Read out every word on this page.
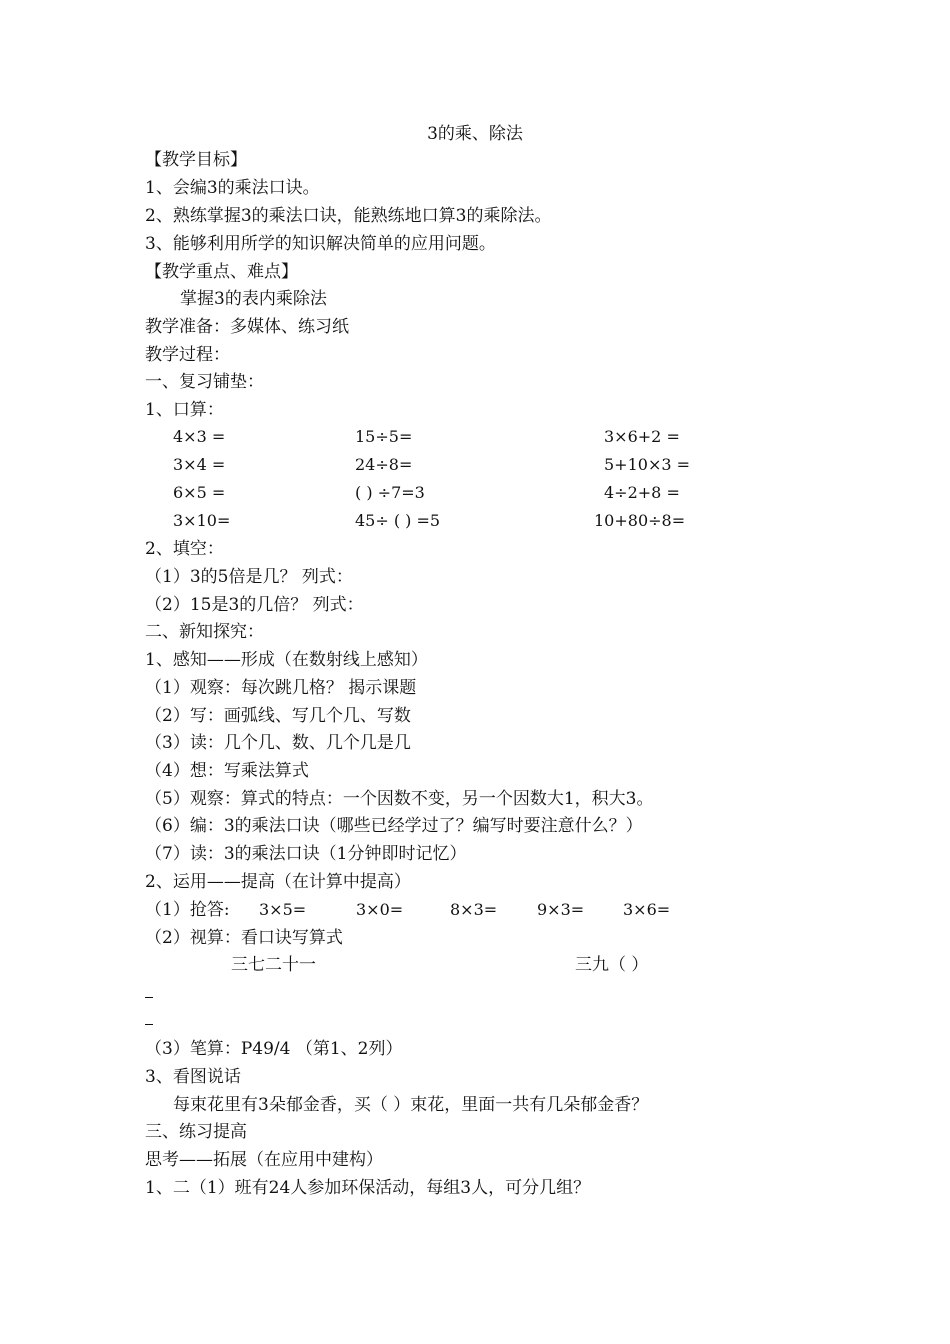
3的乘、除法
【教学目标】
1、会编3的乘法口诀。
2、熟练掌握3的乘法口诀，能熟练地口算3的乘除法。
3、能够利用所学的知识解决简单的应用问题。
【教学重点、难点】
掌握3的表内乘除法
教学准备：多媒体、练习纸
教学过程：
一、复习铺垫：
1、口算：
4×3 =	15÷5=	3×6+2 =
3×4 =	24÷8=	5+10×3 =
6×5 =	( ) ÷7=3	4÷2+8 =
3×10=	45÷ ( ) =5	10+80÷8=
2、填空：
（1）3的5倍是几？ 列式：
（2）15是3的几倍？ 列式：
二、新知探究：
1、感知——形成（在数射线上感知）
（1）观察：每次跳几格？ 揭示课题
（2）写：画弧线、写几个几、写数
（3）读：几个几、数、几个几是几
（4）想：写乘法算式
（5）观察：算式的特点：一个因数不变，另一个因数大1，积大3。
（6）编：3的乘法口诀（哪些已经学过了？编写时要注意什么？）
（7）读：3的乘法口诀（1分钟即时记忆）
2、运用——提高（在计算中提高）
（1）抢答: 3×5=	3×0=	8×3= 9×3= 3×6=
（2）视算：看口诀写算式
三七二十一	三九（ ）
（3）笔算：P49/4 （第1、2列）
3、看图说话
每束花里有3朵郁金香，买（ ）束花，里面一共有几朵郁金香？
三、练习提高
思考——拓展（在应用中建构）
1、二（1）班有24人参加环保活动，每组3人，可分几组？
